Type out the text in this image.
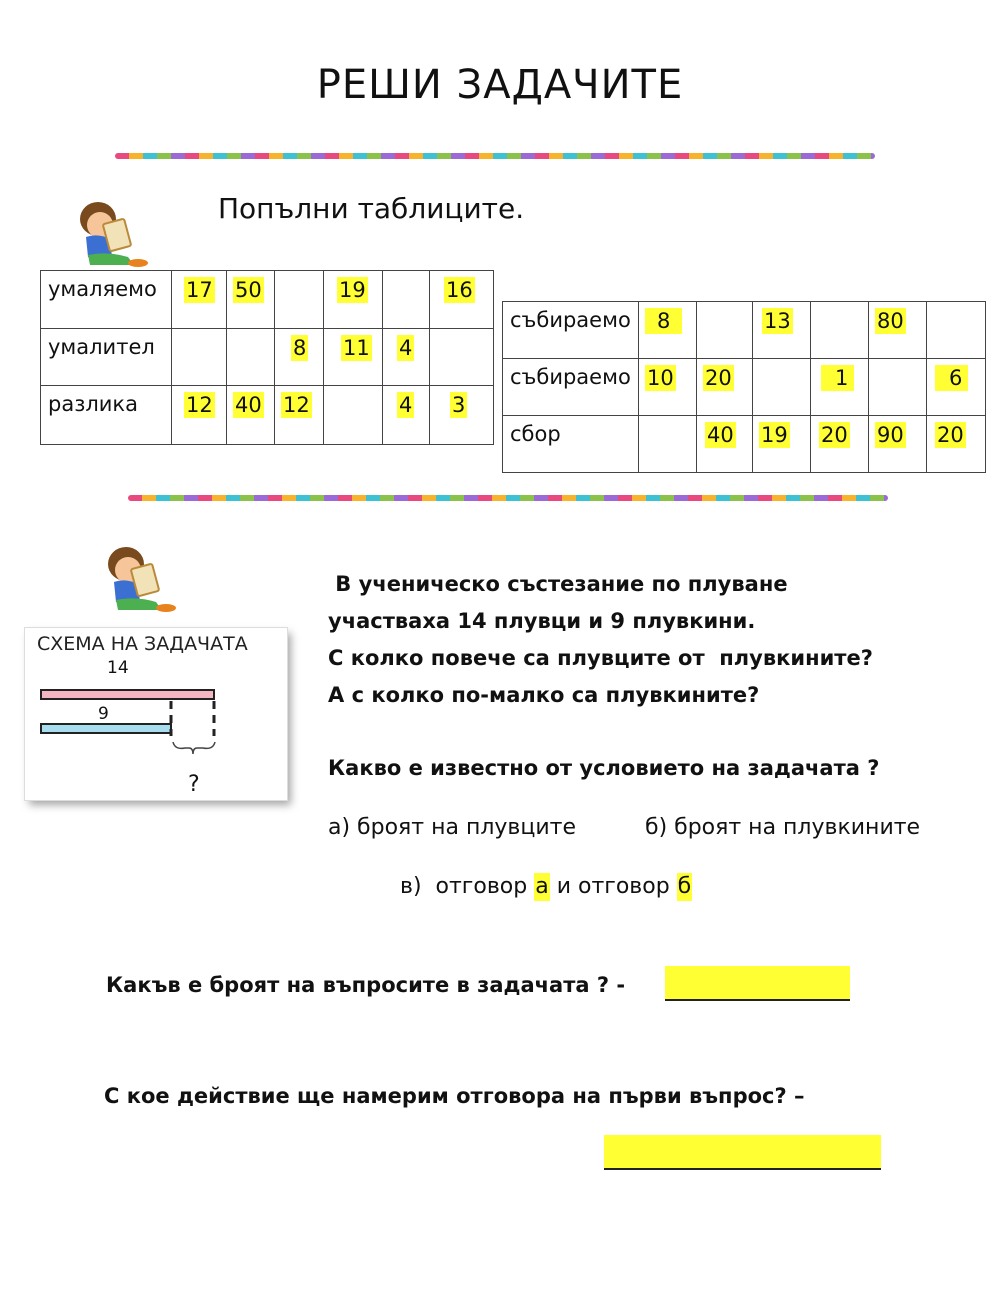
РЕШИ ЗАДАЧИТЕ
Попълни таблиците.
умаляемо	17	50		19		16
умалител			8	11	4	
разлика	12	40	12		4	3
събираемо	8		13		80	
събираемо	10	20		1		6
сбор		40	19	20	90	20
СХЕМА НА ЗАДАЧАТА
14
9
?
В ученическо състезание по плуване
участваха 14 плувци и 9 плувкини.
С колко повече са плувците от  плувкините?
А с колко по-малко са плувкините?
Какво е известно от условието на задачата ?
а) броят на плувците	б) броят на плувкините
в)  отговор а и отговор б
Какъв е броят на въпросите в задачата ? -
С кое действие ще намерим отговора на първи въпрос? –
